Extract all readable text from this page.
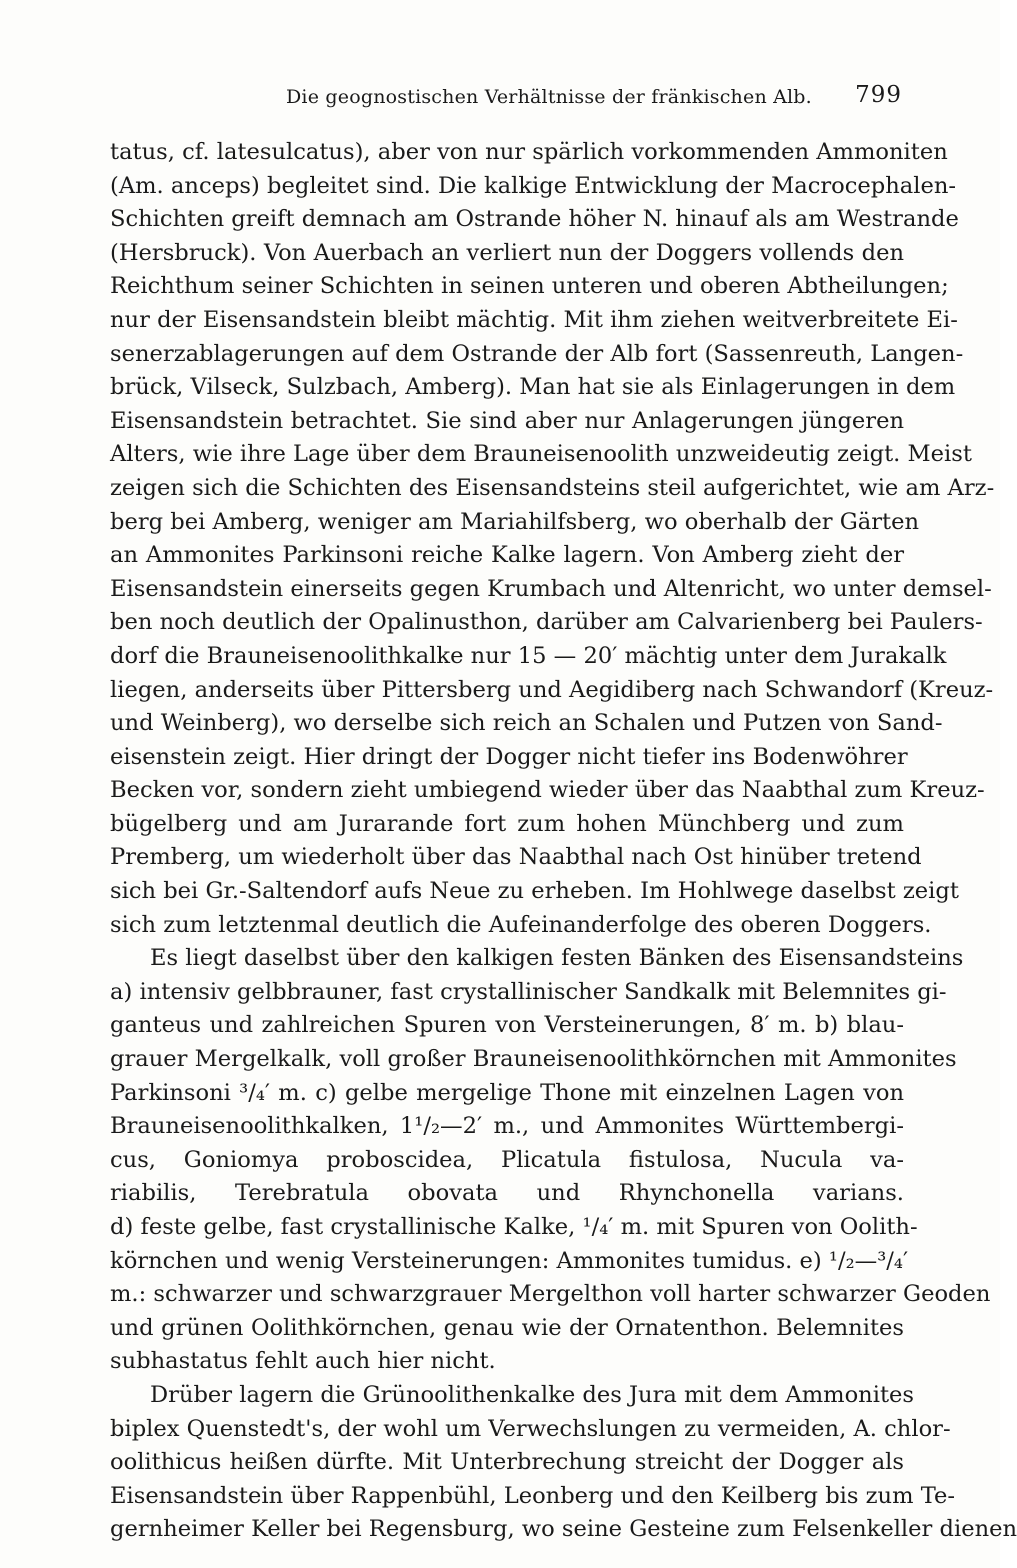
Die geognostischen Verhältnisse der fränkischen Alb. 799
tatus, cf. latesulcatus), aber von nur spärlich vorkommenden Ammoniten
(Am. anceps) begleitet sind. Die kalkige Entwicklung der Macrocephalen-
Schichten greift demnach am Ostrande höher N. hinauf als am Westrande
(Hersbruck). Von Auerbach an verliert nun der Doggers vollends den
Reichthum seiner Schichten in seinen unteren und oberen Abtheilungen;
nur der Eisensandstein bleibt mächtig. Mit ihm ziehen weitverbreitete Ei-
senerzablagerungen auf dem Ostrande der Alb fort (Sassenreuth, Langen-
brück, Vilseck, Sulzbach, Amberg). Man hat sie als Einlagerungen in dem
Eisensandstein betrachtet. Sie sind aber nur Anlagerungen jüngeren
Alters, wie ihre Lage über dem Brauneisenoolith unzweideutig zeigt. Meist
zeigen sich die Schichten des Eisensandsteins steil aufgerichtet, wie am Arz-
berg bei Amberg, weniger am Mariahilfsberg, wo oberhalb der Gärten
an Ammonites Parkinsoni reiche Kalke lagern. Von Amberg zieht der
Eisensandstein einerseits gegen Krumbach und Altenricht, wo unter demsel-
ben noch deutlich der Opalinusthon, darüber am Calvarienberg bei Paulers-
dorf die Brauneisenoolithkalke nur 15 — 20′ mächtig unter dem Jurakalk
liegen, anderseits über Pittersberg und Aegidiberg nach Schwandorf (Kreuz-
und Weinberg), wo derselbe sich reich an Schalen und Putzen von Sand-
eisenstein zeigt. Hier dringt der Dogger nicht tiefer ins Bodenwöhrer
Becken vor, sondern zieht umbiegend wieder über das Naabthal zum Kreuz-
bügelberg und am Jurarande fort zum hohen Münchberg und zum
Premberg, um wiederholt über das Naabthal nach Ost hinüber tretend
sich bei Gr.-Saltendorf aufs Neue zu erheben. Im Hohlwege daselbst zeigt
sich zum letztenmal deutlich die Aufeinanderfolge des oberen Doggers.
Es liegt daselbst über den kalkigen festen Bänken des Eisensandsteins
a) intensiv gelbbrauner, fast crystallinischer Sandkalk mit Belemnites gi-
ganteus und zahlreichen Spuren von Versteinerungen, 8′ m. b) blau-
grauer Mergelkalk, voll großer Brauneisenoolithkörnchen mit Ammonites
Parkinsoni ³/₄′ m. c) gelbe mergelige Thone mit einzelnen Lagen von
Brauneisenoolithkalken, 1¹/₂—2′ m., und Ammonites Württembergi-
cus, Goniomya proboscidea, Plicatula fistulosa, Nucula va-
riabilis, Terebratula obovata und Rhynchonella varians.
d) feste gelbe, fast crystallinische Kalke, ¹/₄′ m. mit Spuren von Oolith-
körnchen und wenig Versteinerungen: Ammonites tumidus. e) ¹/₂—³/₄′
m.: schwarzer und schwarzgrauer Mergelthon voll harter schwarzer Geoden
und grünen Oolithkörnchen, genau wie der Ornatenthon. Belemnites
subhastatus fehlt auch hier nicht.
Drüber lagern die Grünoolithenkalke des Jura mit dem Ammonites
biplex Quenstedt's, der wohl um Verwechslungen zu vermeiden, A. chlor-
oolithicus heißen dürfte. Mit Unterbrechung streicht der Dogger als
Eisensandstein über Rappenbühl, Leonberg und den Keilberg bis zum Te-
gernheimer Keller bei Regensburg, wo seine Gesteine zum Felsenkeller dienen
